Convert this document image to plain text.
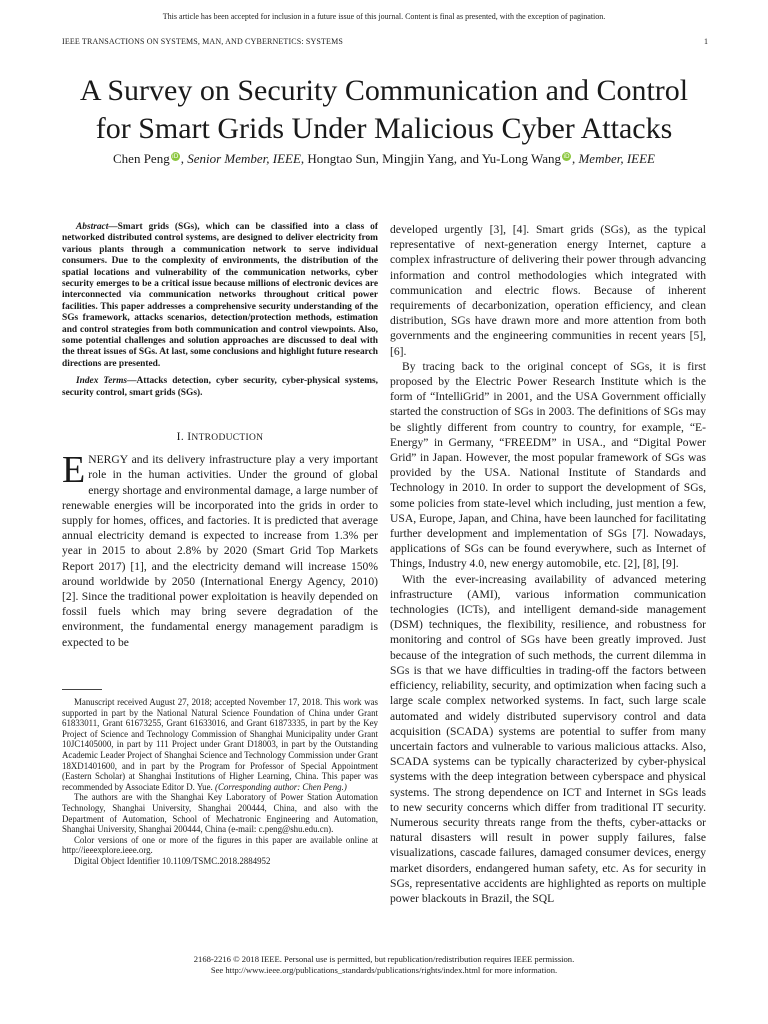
This article has been accepted for inclusion in a future issue of this journal. Content is final as presented, with the exception of pagination.
IEEE TRANSACTIONS ON SYSTEMS, MAN, AND CYBERNETICS: SYSTEMS	1
A Survey on Security Communication and Control
for Smart Grids Under Malicious Cyber Attacks
Chen Peng iD , Senior Member, IEEE, Hongtao Sun, Mingjin Yang, and Yu-Long Wang iD , Member, IEEE

Abstract—Smart grids (SGs), which can be classified into a class of networked distributed control systems, are designed to deliver electricity from various plants through a communication network to serve individual consumers. Due to the complexity of environments, the distribution of the spatial locations and vulnerability of the communication networks, cyber security emerges to be a critical issue because millions of electronic devices are interconnected via communication networks throughout critical power facilities. This paper addresses a comprehensive security understanding of the SGs framework, attacks scenarios, detection/protection methods, estimation and control strategies from both communication and control viewpoints. Also, some potential challenges and solution approaches are discussed to deal with the threat issues of SGs. At last, some conclusions and highlight future research directions are presented.

Index Terms—Attacks detection, cyber security, cyber-physical systems, security control, smart grids (SGs).

I. INTRODUCTION

ENERGY and its delivery infrastructure play a very important role in the human activities. Under the ground of global energy shortage and environmental damage, a large number of renewable energies will be incorporated into the grids in order to supply for homes, offices, and factories. It is predicted that average annual electricity demand is expected to increase from 1.3% per year in 2015 to about 2.8% by 2020 (Smart Grid Top Markets Report 2017) [1], and the electricity demand will increase 150% around worldwide by 2050 (International Energy Agency, 2010) [2]. Since the traditional power exploitation is heavily depended on fossil fuels which may bring severe degradation of the environment, the fundamental energy management paradigm is expected to be

Manuscript received August 27, 2018; accepted November 17, 2018. This work was supported in part by the National Natural Science Foundation of China under Grant 61833011, Grant 61673255, Grant 61633016, and Grant 61873335, in part by the Key Project of Science and Technology Commission of Shanghai Municipality under Grant 10JC1405000, in part by 111 Project under Grant D18003, in part by the Outstanding Academic Leader Project of Shanghai Science and Technology Commission under Grant 18XD1401600, and in part by the Program for Professor of Special Appointment (Eastern Scholar) at Shanghai Institutions of Higher Learning, China. This paper was recommended by Associate Editor D. Yue. (Corresponding author: Chen Peng.)

The authors are with the Shanghai Key Laboratory of Power Station Automation Technology, Shanghai University, Shanghai 200444, China, and also with the Department of Automation, School of Mechatronic Engineering and Automation, Shanghai University, Shanghai 200444, China (e-mail: c.peng@shu.edu.cn).

Color versions of one or more of the figures in this paper are available online at http://ieeexplore.ieee.org.

Digital Object Identifier 10.1109/TSMC.2018.2884952

developed urgently [3], [4]. Smart grids (SGs), as the typical representative of next-generation energy Internet, capture a complex infrastructure of delivering their power through advancing information and control methodologies which integrated with communication and electric flows. Because of inherent requirements of decarbonization, operation efficiency, and clean distribution, SGs have drawn more and more attention from both governments and the engineering communities in recent years [5], [6].

By tracing back to the original concept of SGs, it is first proposed by the Electric Power Research Institute which is the form of “IntelliGrid” in 2001, and the USA Government officially started the construction of SGs in 2003. The definitions of SGs may be slightly different from country to country, for example, “E-Energy” in Germany, “FREEDM” in USA., and “Digital Power Grid” in Japan. However, the most popular framework of SGs was provided by the USA. National Institute of Standards and Technology in 2010. In order to support the development of SGs, some policies from state-level which including, just mention a few, USA, Europe, Japan, and China, have been launched for facilitating further development and implementation of SGs [7]. Nowadays, applications of SGs can be found everywhere, such as Internet of Things, Industry 4.0, new energy automobile, etc. [2], [8], [9].

With the ever-increasing availability of advanced metering infrastructure (AMI), various information communication technologies (ICTs), and intelligent demand-side management (DSM) techniques, the flexibility, resilience, and robustness for monitoring and control of SGs have been greatly improved. Just because of the integration of such methods, the current dilemma in SGs is that we have difficulties in trading-off the factors between efficiency, reliability, security, and optimization when facing such a large scale complex networked systems. In fact, such large scale automated and widely distributed supervisory control and data acquisition (SCADA) systems are potential to suffer from many uncertain factors and vulnerable to various malicious attacks. Also, SCADA systems can be typically characterized by cyber-physical systems with the deep integration between cyberspace and physical systems. The strong dependence on ICT and Internet in SGs leads to new security concerns which differ from traditional IT security. Numerous security threats range from the thefts, cyber-attacks or natural disasters will result in power supply failures, false visualizations, cascade failures, damaged consumer devices, energy market disorders, endangered human safety, etc. As for security in SGs, representative accidents are highlighted as reports on multiple power blackouts in Brazil, the SQL

2168-2216 © 2018 IEEE. Personal use is permitted, but republication/redistribution requires IEEE permission.
See http://www.ieee.org/publications_standards/publications/rights/index.html for more information.
